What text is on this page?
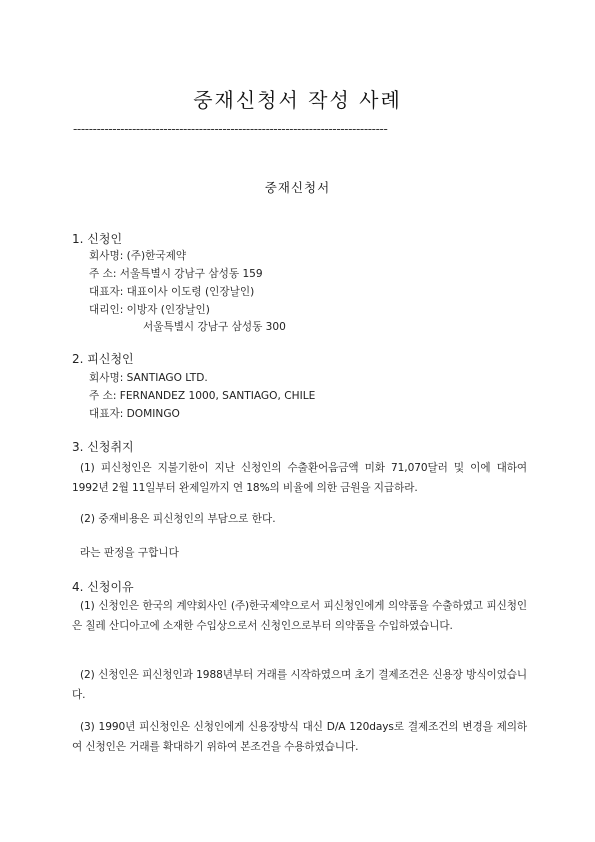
중재신청서 작성 사례
--------------------------------------------------------------------------------
중재신청서
1. 신청인
회사명: (주)한국제약
주 소: 서울특별시 강남구 삼성동 159
대표자: 대표이사 이도령 (인장날인)
대리인: 이방자 (인장날인)
서울특별시 강남구 삼성동 300
2. 피신청인
회사명: SANTIAGO LTD.
주 소: FERNANDEZ 1000, SANTIAGO, CHILE
대표자: DOMINGO
3. 신청취지
(1) 피신청인은 지불기한이 지난 신청인의 수출환어음금액 미화 71,070달러 및 이에 대하여 1992년 2월 11일부터 완제일까지 연 18%의 비율에 의한 금원을 지급하라.
(2) 중재비용은 피신청인의 부담으로 한다.
라는 판정을 구합니다
4. 신청이유
(1) 신청인은 한국의 계약회사인 (주)한국제약으로서 피신청인에게 의약품을 수출하였고 피신청인은 칠레 산디아고에 소재한 수입상으로서 신청인으로부터 의약품을 수입하였습니다.
(2) 신청인은 피신청인과 1988년부터 거래를 시작하였으며 초기 결제조건은 신용장 방식이었습니다.
(3) 1990년 피신청인은 신청인에게 신용장방식 대신 D/A 120days로 결제조건의 변경을 제의하여 신청인은 거래를 확대하기 위하여 본조건을 수용하였습니다.
